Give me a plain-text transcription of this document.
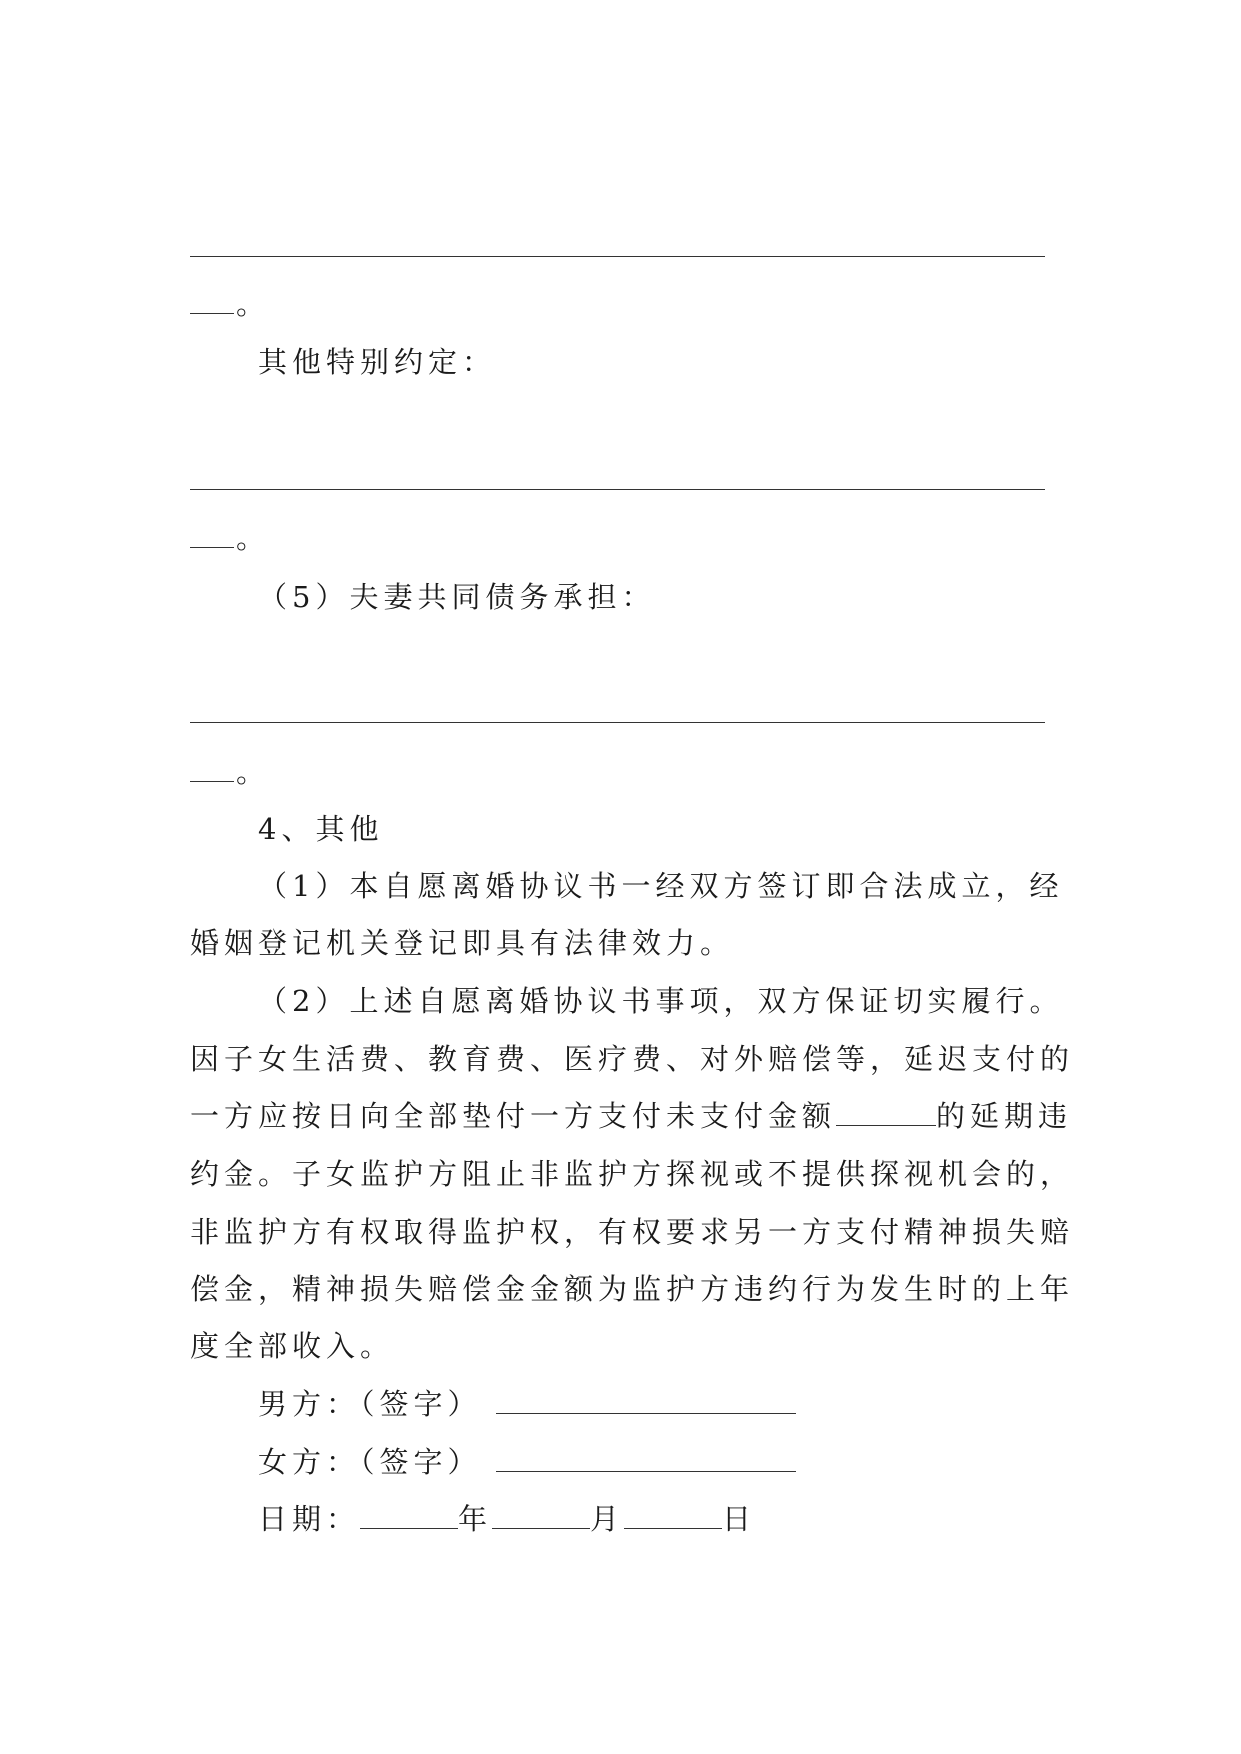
。
其他特别约定：
。
（5）夫妻共同债务承担：
。
4、其他
（1）本自愿离婚协议书一经双方签订即合法成立，经
婚姻登记机关登记即具有法律效力。
（2）上述自愿离婚协议书事项，双方保证切实履行。
因子女生活费、教育费、医疗费、对外赔偿等，延迟支付的
一方应按日向全部垫付一方支付未支付金额	的延期违
约金。子女监护方阻止非监护方探视或不提供探视机会的，
非监护方有权取得监护权，有权要求另一方支付精神损失赔
偿金，精神损失赔偿金金额为监护方违约行为发生时的上年
度全部收入。
男方：（签字）
女方：（签字）
日期：	年	月	日
